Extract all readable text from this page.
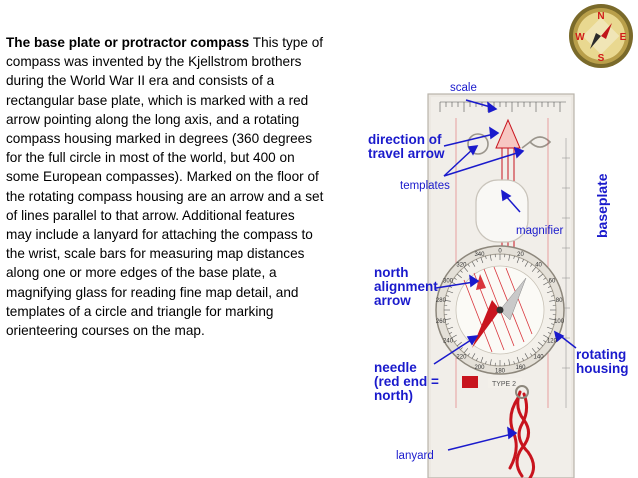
The base plate or protractor compass This type of compass was invented by the Kjellstrom brothers during the World War II era and consists of a rectangular base plate, which is marked with a red arrow pointing along the long axis, and a rotating compass housing marked in degrees (360 degrees for the full circle in most of the world, but 400 on some European compasses). Marked on the floor of the rotating compass housing are an arrow and a set of lines parallel to that arrow. Additional features may include a lanyard for attaching the compass to the wrist, scale bars for measuring map distances along one or more edges of the base plate, a magnifying glass for reading fine map detail, and templates of a circle and triangle for marking orienteering courses on the map.
N
S
W	E
TYPE 2
340
0
20
40
60
80
100
120
140
160
180
200
220
240
260
280
300
320
scale
direction of
travel arrow
templates
magnifier baseplate
north
alignment
arrow
needle
(red end =
north)
rotating
housing
lanyard
